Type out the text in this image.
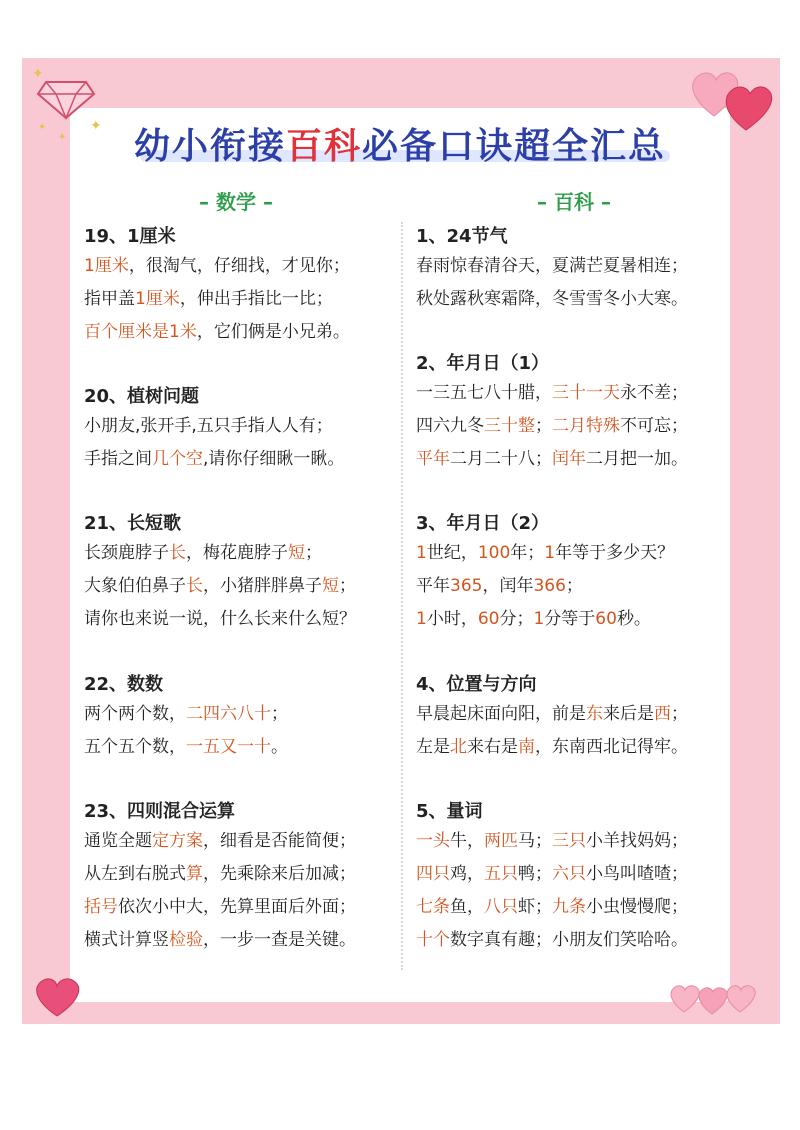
✦
✦
✦
✦	幼小衔接百科必备口诀超全汇总
– 数学 –	– 百科 –
19、1厘米
1厘米，很淘气，仔细找，才见你；
指甲盖1厘米，伸出手指比一比；
百个厘米是1米，它们俩是小兄弟。
20、植树问题
小朋友,张开手,五只手指人人有；
手指之间几个空,请你仔细瞅一瞅。
21、长短歌
长颈鹿脖子长，梅花鹿脖子短；
大象伯伯鼻子长，小猪胖胖鼻子短；
请你也来说一说，什么长来什么短？
22、数数
两个两个数，二四六八十；
五个五个数，一五又一十。
23、四则混合运算
通览全题定方案，细看是否能简便；
从左到右脱式算，先乘除来后加减；
括号依次小中大，先算里面后外面；
横式计算竖检验，一步一查是关键。
1、24节气
春雨惊春清谷天，夏满芒夏暑相连；
秋处露秋寒霜降，冬雪雪冬小大寒。
2、年月日（1）
一三五七八十腊，三十一天永不差；
四六九冬三十整；二月特殊不可忘；
平年二月二十八；闰年二月把一加。
3、年月日（2）
1世纪，100年；1年等于多少天？
平年365，闰年366；
1小时，60分；1分等于60秒。
4、位置与方向
早晨起床面向阳，前是东来后是西；
左是北来右是南，东南西北记得牢。
5、量词
一头牛，两匹马；三只小羊找妈妈；
四只鸡，五只鸭；六只小鸟叫喳喳；
七条鱼，八只虾；九条小虫慢慢爬；
十个数字真有趣；小朋友们笑哈哈。
